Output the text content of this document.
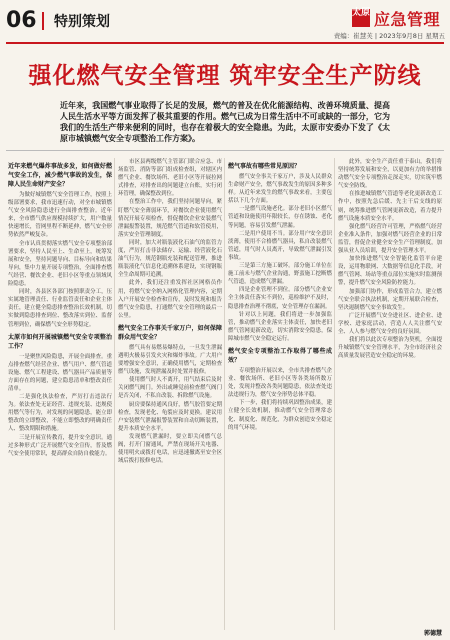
06 特别策划
太原 应急管理
责编：崔慧芙 | 2023年9月8日 星期五
强化燃气安全管理 筑牢安全生产防线
近年来，我国燃气事业取得了长足的发展，燃气的普及在优化能源结构、改善环境质量、提高人民生活水平等方面发挥了极其重要的作用。燃气已成为日常生活中不可或缺的一部分，它为我们的生活生产带来便利的同时，也存在着极大的安全隐患。为此，太原市安委办下发了《太原市城镇燃气安全专项整治工作方案》。

近年来燃气爆炸事故多发，如何做好燃气安全工作，减少燃气事故的发生，保障人民生命财产安全？

为做好城镇燃气安全管理工作，按照上级部署要求，我市迅速行动，对全市城镇燃气安全风险隐患进行全面排查整治。近年来，全市燃气供应规模持续扩大，用户数量快速增长，管网里程不断延伸，燃气安全形势依然严峻复杂。

全市认真贯彻落实燃气安全专项整治部署要求，坚持人民至上、生命至上，统筹发展和安全，坚持问题导向、目标导向和结果导向，集中力量开展专项整治，全面排查燃气经营、餐饮企业、老旧小区等重点领域风险隐患。

同时，各县区各部门按照职责分工，压实属地管理责任、行业监管责任和企业主体责任，建立健全隐患排查整治长效机制，切实做到隐患排查到位、整改落实到位、监督管理到位，确保燃气安全形势稳定。

太原市如何开展城镇燃气安全专项整治工作？

一是聚焦风险隐患，开展全面排查。重点排查燃气经营企业、燃气用户、燃气管道设施、燃气工程建设、燃气器具产品质量等方面存在的问题，建立隐患清单和整改责任清单。

二是强化执法检查，严厉打击违法行为。依法查处无证经营、违规充装、违规使用燃气等行为，对发现的问题隐患，能立即整改的立即整改，不能立即整改的明确责任人、整改期限和措施。

三是开展宣传教育，提升安全意识。通过多种形式广泛开展燃气安全宣传，普及燃气安全使用常识，提高群众自防自救能力。

市区县两级燃气主管部门联合应急、市场监管、消防等部门组成检查组，对辖区内燃气企业、餐饮场所、老旧小区等开展拉网式排查，对排查出的问题建立台账，实行闭环管理，确保整改到位。

在整治工作中，我们坚持问题导向，紧盯燃气安全薄弱环节，对餐饮企业使用燃气情况开展专项检查，督促餐饮企业安装燃气泄漏报警装置，规范燃气管道和软管使用，落实安全管理制度。

同时，加大对瓶装液化石油气的监管力度，严厉打击非法储存、运输、经营液化石油气行为，规范钢瓶充装和配送管理，推进瓶装液化气信息化追溯体系建设，实现钢瓶全生命周期可追溯。

此外，我们还注重发挥社区网格员作用，将燃气安全纳入网格化管理内容，定期入户开展安全检查和宣传，及时发现和报告燃气安全隐患，打通燃气安全管理的最后一公里。

燃气安全工作事关千家万户，如何保障群众用气安全？

燃气具有易燃易爆特点，一旦发生泄漏遇明火极易引发火灾和爆炸事故。广大用户要增强安全意识，正确使用燃气，定期检查燃气设施，发现泄漏及时处置并报修。

使用燃气时人不离开，用气结束后及时关闭燃气阀门。外出或睡觉前检查燃气阀门是否关闭，不私自改装、拆除燃气设施。

厨房要保持通风良好，燃气胶管要定期检查，发现老化、龟裂应及时更换。建议用户安装燃气泄漏报警装置和自动切断装置，提升本质安全水平。

发现燃气泄漏时，要立即关闭燃气总阀，打开门窗通风，严禁在现场开关电器、使用明火或拨打电话，应迅速撤离至安全区域后拨打报修电话。

燃气事故有哪些常见原因？

燃气安全事关千家万户，涉及人民群众生命财产安全，燃气事故发生的原因多种多样。从近年来发生的燃气事故来看，主要包括以下几个方面。

一是燃气设施老化。部分老旧小区燃气管道和设施使用年限较长，存在锈蚀、老化等问题，容易引发燃气泄漏。

二是用户使用不当。部分用户安全意识淡薄，使用不合格燃气器具，私自改装燃气管道，用气时人员离开，导致燃气泄漏引发事故。

三是第三方施工破坏。部分施工单位在施工前未与燃气企业沟通，野蛮施工挖断燃气管道，造成燃气泄漏。

四是企业管理不到位。部分燃气企业安全主体责任落实不到位，巡检维护不及时，隐患排查治理不彻底，安全管理存在漏洞。

针对以上问题，我们将进一步加强监管，推动燃气企业落实主体责任，加快老旧燃气管网更新改造，切实消除安全隐患，保障城市燃气安全稳定运行。

燃气安全专项整治工作取得了哪些成效？

专项整治开展以来，全市共排查燃气企业、餐饮场所、老旧小区等各类场所数万处，发现并整改各类问题隐患，依法查处违法违规行为，燃气安全形势总体平稳。

下一步，我们将持续巩固整治成果，建立健全长效机制，推动燃气安全管理常态化、制度化、规范化，为群众创造安全稳定的用气环境。

此外，安全生产责任重于泰山，我们将坚持统筹发展和安全，以更加有力的举措推动燃气安全专项整治走深走实，切实筑牢燃气安全防线。

在推进城镇燃气管道等老化更新改造工作中，按照先急后缓、先主干后支线的原则，统筹推进燃气管网更新改造，着力提升燃气设施本质安全水平。

强化燃气经营许可管理，严格燃气经营企业准入条件，加强对燃气经营企业的日常监管，督促企业健全安全生产管理制度，加强从业人员培训，提升安全管理水平。

加快推进燃气安全智能化监管平台建设，运用物联网、大数据等信息化手段，对燃气管网、场站等重点部位实施实时监测预警，提升燃气安全风险防控能力。

加强部门协作，形成监管合力，建立燃气安全联合执法机制，定期开展联合检查，坚决遏制燃气安全事故发生。

广泛开展燃气安全进社区、进企业、进学校、进家庭活动，营造人人关注燃气安全、人人参与燃气安全的良好氛围。

我们将以此次专项整治为契机，全面提升城镇燃气安全管理水平，为全市经济社会高质量发展营造安全稳定的环境。

郭德慧
